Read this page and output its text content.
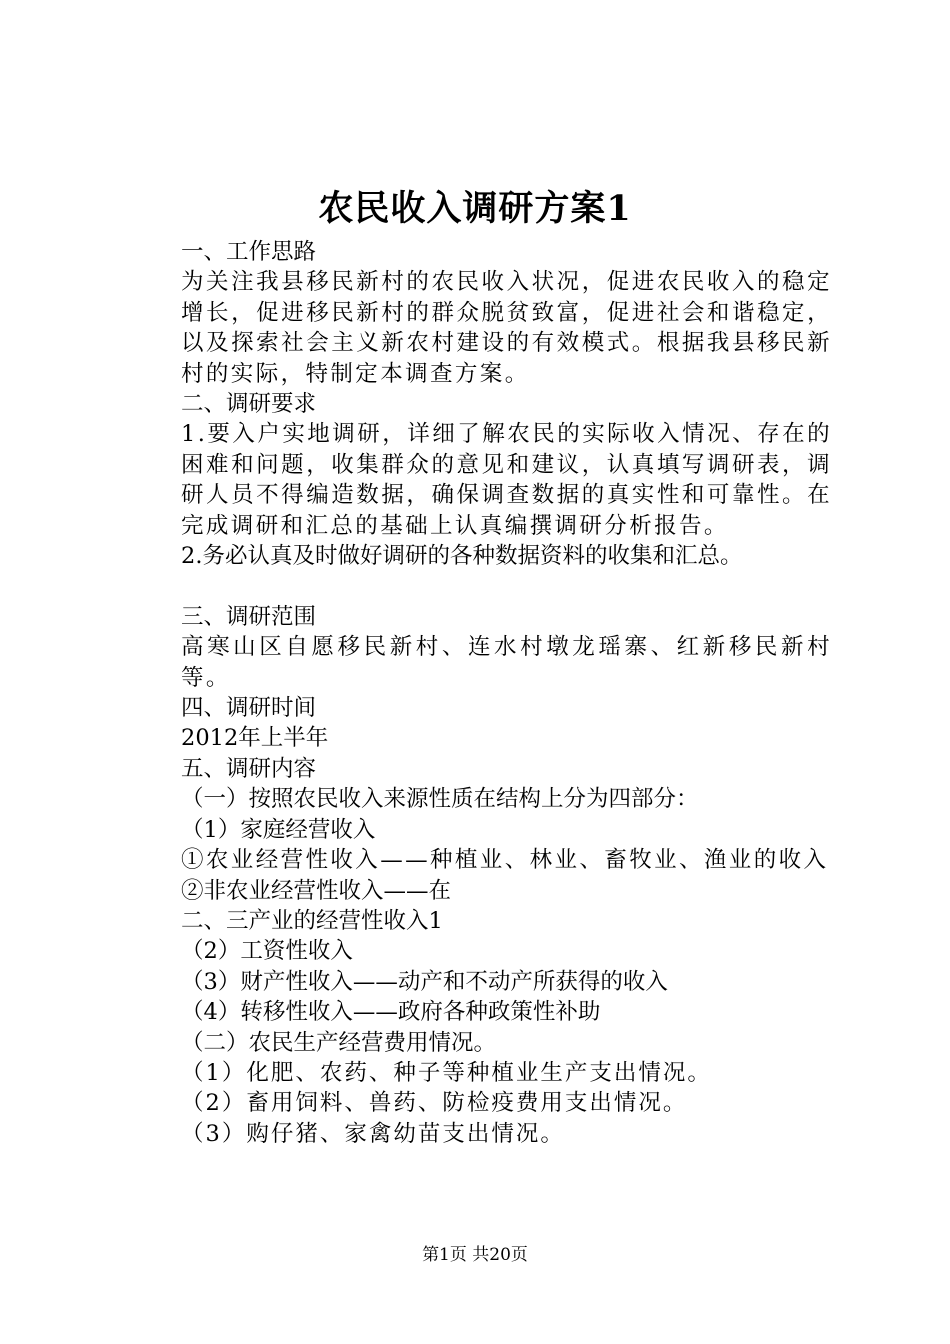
农民收入调研方案1

一、工作思路

为关注我县移民新村的农民收入状况，促进农民收入的稳定增长，促进移民新村的群众脱贫致富，促进社会和谐稳定，以及探索社会主义新农村建设的有效模式。根据我县移民新村的实际，特制定本调查方案。

二、调研要求

1.要入户实地调研，详细了解农民的实际收入情况、存在的困难和问题，收集群众的意见和建议，认真填写调研表，调研人员不得编造数据，确保调查数据的真实性和可靠性。在完成调研和汇总的基础上认真编撰调研分析报告。

2.务必认真及时做好调研的各种数据资料的收集和汇总。

三、调研范围

高寒山区自愿移民新村、连水村墩龙瑶寨、红新移民新村等。

四、调研时间

2012年上半年

五、调研内容

（一）按照农民收入来源性质在结构上分为四部分：

（1）家庭经营收入

①农业经营性收入——种植业、林业、畜牧业、渔业的收入

②非农业经营性收入——在

二、三产业的经营性收入1

（2）工资性收入

（3）财产性收入——动产和不动产所获得的收入

（4）转移性收入——政府各种政策性补助

（二）农民生产经营费用情况。

（1）化肥、农药、种子等种植业生产支出情况。

（2）畜用饲料、兽药、防检疫费用支出情况。

（3）购仔猪、家禽幼苗支出情况。

第1页 共20页
